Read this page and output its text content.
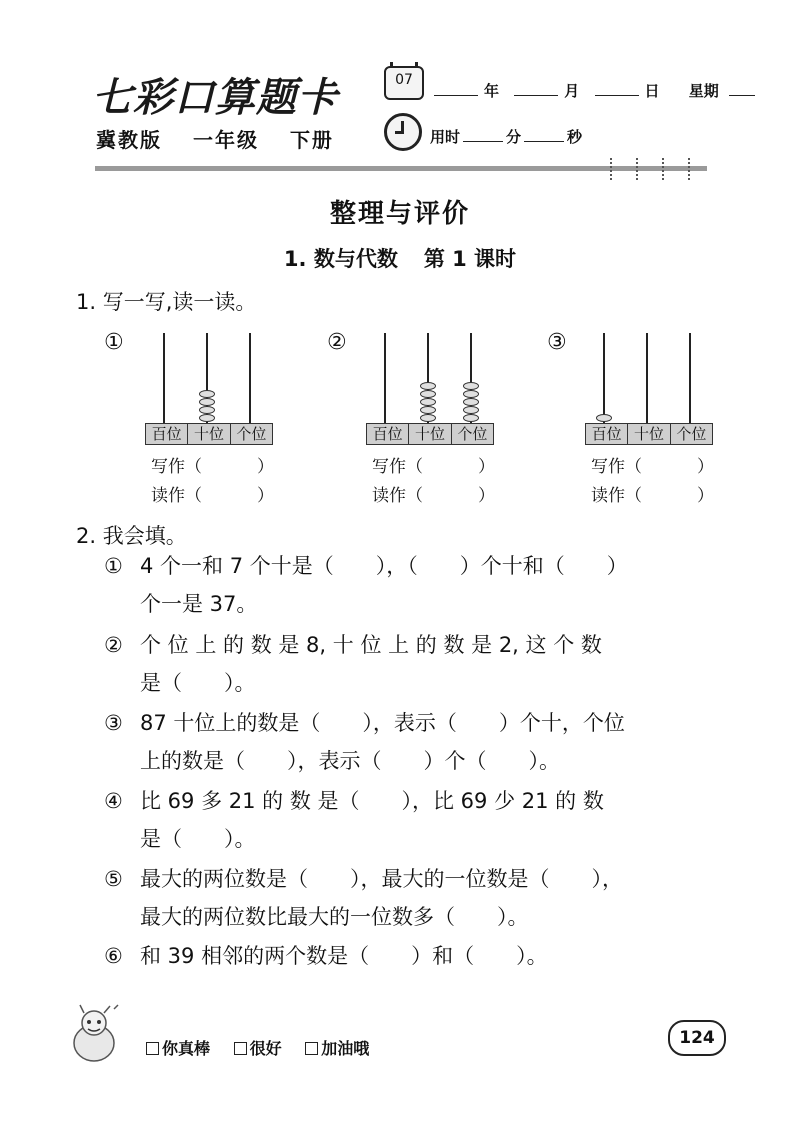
七彩口算题卡
冀教版 一年级 下册
07
年	月	日 星期
用时	分	秒
整理与评价
1. 数与代数 第 1 课时
1. 写一写,读一读。
①
百位 十位 个位
写作（	）
读作（	）
②
百位 十位 个位
写作（	）
读作（	）
③
百位 十位 个位
写作（	）
读作（	）
2. 我会填。
① 4 个一和 7 个十是（　　），（　　）个十和（　　）
个一是 37。
② 个 位 上 的 数 是 8, 十 位 上 的 数 是 2, 这 个 数
是（　　）。
③ 87 十位上的数是（　　），表示（　　）个十，个位
上的数是（　　），表示（　　）个（　　）。
④ 比 69 多 21 的 数 是（　　），比 69 少 21 的 数
是（　　）。
⑤ 最大的两位数是（　　），最大的一位数是（　　），
最大的两位数比最大的一位数多（　　）。
⑥ 和 39 相邻的两个数是（　　）和（　　）。
你真棒 很好 加油哦
124
